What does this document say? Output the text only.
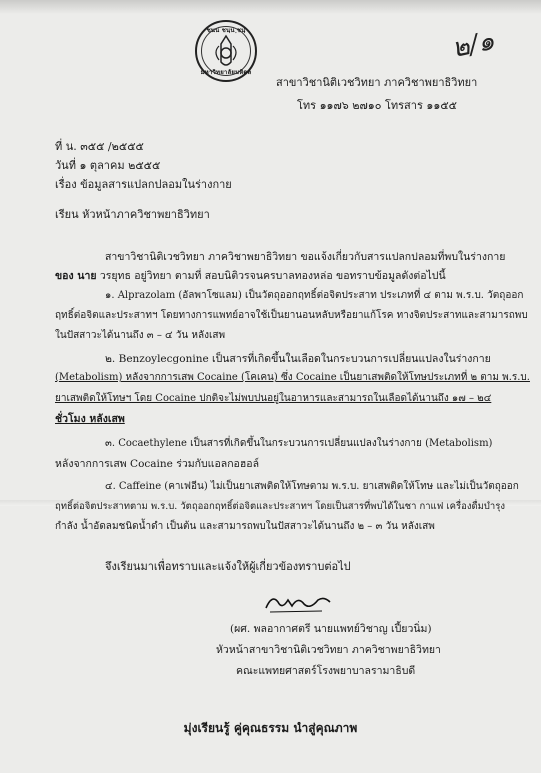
ชฺนน ชนฺน ฺชนฺ
มหาวิทยาลัยมหิดล
๒/๑
สาขาวิชานิติเวชวิทยา ภาควิชาพยาธิวิทยา
โทร ๑๑๗๖ ๒๗๑๐ โทรสาร ๑๑๕๕
ที่ น. ๓๕๕ /๒๕๕๕
วันที่ ๑ ตุลาคม ๒๕๕๕
เรื่อง ข้อมูลสารแปลกปลอมในร่างกาย
เรียน หัวหน้าภาควิชาพยาธิวิทยา
สาขาวิชานิติเวชวิทยา ภาควิชาพยาธิวิทยา ขอแจ้งเกี่ยวกับสารแปลกปลอมที่พบในร่างกาย
ของ นาย วรยุทธ อยู่วิทยา ตามที่ สอบนิติวรจนครบาลทองหล่อ ขอทราบข้อมูลดังต่อไปนี้
๑. Alprazolam (อัลพาโซแลม) เป็นวัตถุออกฤทธิ์ต่อจิตประสาท ประเภทที่ ๔ ตาม พ.ร.บ. วัตถุออก
ฤทธิ์ต่อจิตและประสาทฯ โดยทางการแพทย์อาจใช้เป็นยานอนหลับหรือยาแก้โรค ทางจิตประสาทและสามารถพบ
ในปัสสาวะได้นานถึง ๓ – ๔ วัน หลังเสพ
๒. Benzoylecgonine เป็นสารที่เกิดขึ้นในเลือดในกระบวนการเปลี่ยนแปลงในร่างกาย
(Metabolism) หลังจากการเสพ Cocaine (โคเคน) ซึ่ง Cocaine เป็นยาเสพติดให้โทษประเภทที่ ๒ ตาม พ.ร.บ.
ยาเสพติดให้โทษฯ โดย Cocaine ปกติจะไม่พบปนอยู่ในอาหารและสามารถในเลือดได้นานถึง ๑๗ – ๒๔
ชั่วโมง หลังเสพ
๓. Cocaethylene เป็นสารที่เกิดขึ้นในกระบวนการเปลี่ยนแปลงในร่างกาย (Metabolism)
หลังจากการเสพ Cocaine ร่วมกับแอลกอฮอล์
๔. Caffeine (คาเฟอีน) ไม่เป็นยาเสพติดให้โทษตาม พ.ร.บ. ยาเสพติดให้โทษ และไม่เป็นวัตถุออก
ฤทธิ์ต่อจิตประสาทตาม พ.ร.บ. วัตถุออกฤทธิ์ต่อจิตและประสาทฯ โดยเป็นสารที่พบได้ในชา กาแฟ เครื่องดื่มบำรุง
กำลัง น้ำอัดลมชนิดน้ำดำ เป็นต้น และสามารถพบในปัสสาวะได้นานถึง ๒ – ๓ วัน หลังเสพ
จึงเรียนมาเพื่อทราบและแจ้งให้ผู้เกี่ยวข้องทราบต่อไป
(ผศ. พลอากาศตรี นายแพทย์วิชาญ เปี้ยวนิ่ม)
หัวหน้าสาขาวิชานิติเวชวิทยา ภาควิชาพยาธิวิทยา
คณะแพทยศาสตร์โรงพยาบาลรามาธิบดี
มุ่งเรียนรู้ คู่คุณธรรม นำสู่คุณภาพ
